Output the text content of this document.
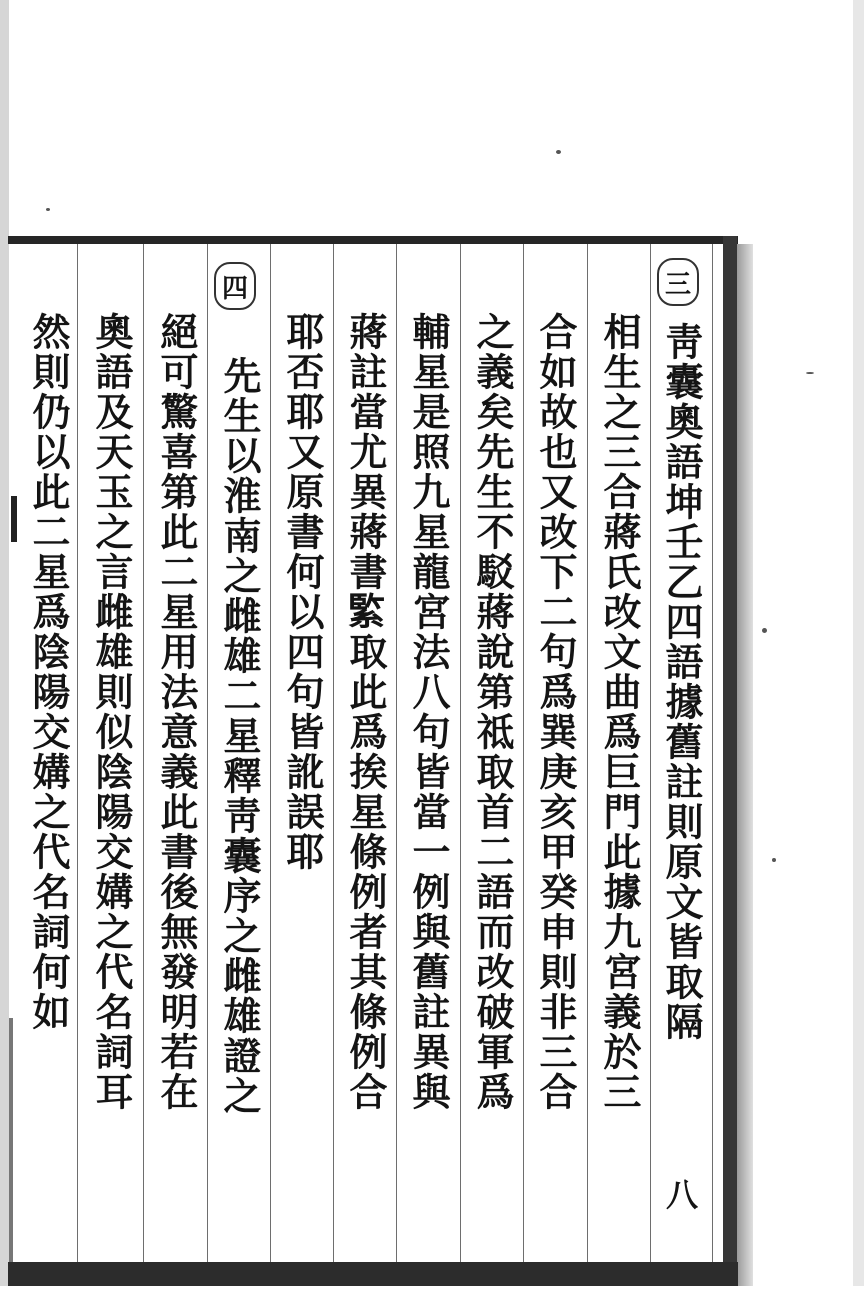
三
四
靑囊奧語坤壬乙四語據舊註則原文皆取隔
相生之三合蔣氏改文曲爲巨門此據九宮義於三
合如故也又改下二句爲巽庚亥甲癸申則非三合
之義矣先生不駁蔣說第祗取首二語而改破軍爲
輔星是照九星龍宮法八句皆當一例與舊註異與
蔣註當尤異蔣書𦂳取此爲挨星條例者其條例合
耶否耶又原書何以四句皆訛誤耶
先生以淮南之雌雄二星釋靑囊序之雌雄證之
絕可驚喜第此二星用法意義此書後無發明若在
奧語及天玉之言雌雄則似陰陽交媾之代名詞耳
然則仍以此二星爲陰陽交媾之代名詞何如
八
